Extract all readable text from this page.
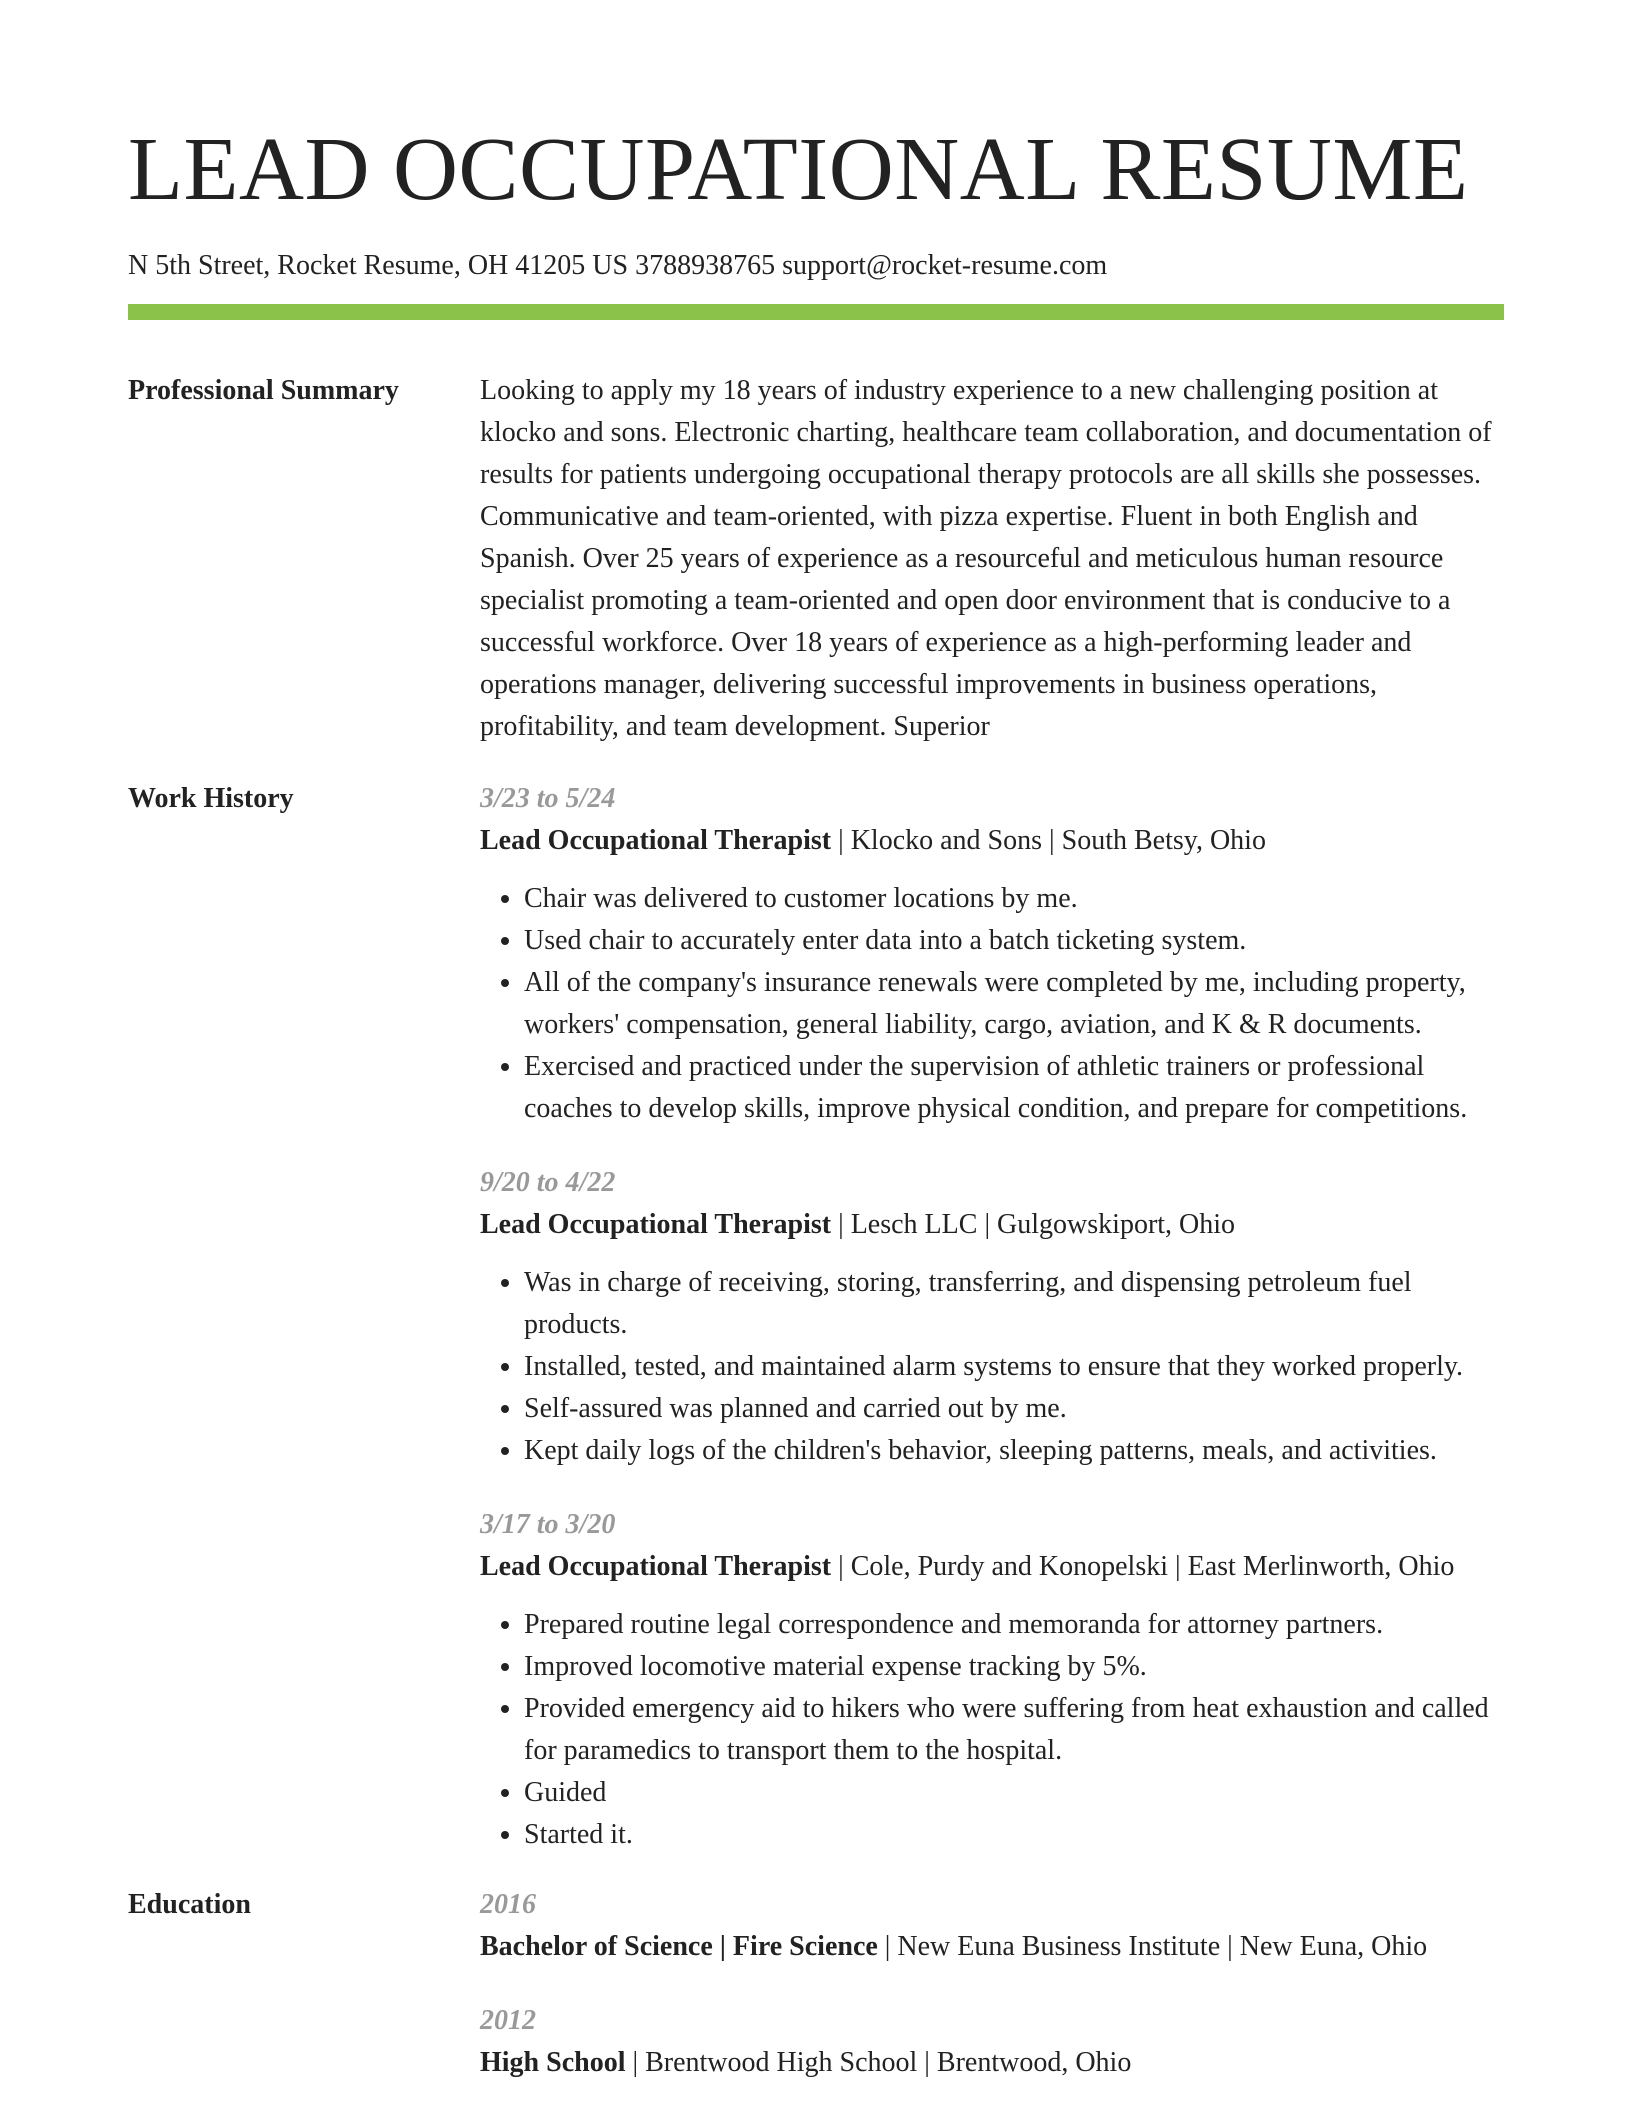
LEAD OCCUPATIONAL RESUME
N 5th Street, Rocket Resume, OH 41205 US 3788938765 support@rocket-resume.com
Professional Summary	Looking to apply my 18 years of industry experience to a new challenging position at klocko and sons. Electronic charting, healthcare team collaboration, and documentation of results for patients undergoing occupational therapy protocols are all skills she possesses. Communicative and team-oriented, with pizza expertise. Fluent in both English and Spanish. Over 25 years of experience as a resourceful and meticulous human resource specialist promoting a team-oriented and open door environment that is conducive to a successful workforce. Over 18 years of experience as a high-performing leader and operations manager, delivering successful improvements in business operations, profitability, and team development. Superior
Work History	3/23 to 5/24
Lead Occupational Therapist | Klocko and Sons | South Betsy, Ohio
• Chair was delivered to customer locations by me.
• Used chair to accurately enter data into a batch ticketing system.
• All of the company's insurance renewals were completed by me, including property, workers' compensation, general liability, cargo, aviation, and K & R documents.
• Exercised and practiced under the supervision of athletic trainers or professional coaches to develop skills, improve physical condition, and prepare for competitions.
9/20 to 4/22
Lead Occupational Therapist | Lesch LLC | Gulgowskiport, Ohio
• Was in charge of receiving, storing, transferring, and dispensing petroleum fuel products.
• Installed, tested, and maintained alarm systems to ensure that they worked properly.
• Self-assured was planned and carried out by me.
• Kept daily logs of the children's behavior, sleeping patterns, meals, and activities.
3/17 to 3/20
Lead Occupational Therapist | Cole, Purdy and Konopelski | East Merlinworth, Ohio
• Prepared routine legal correspondence and memoranda for attorney partners.
• Improved locomotive material expense tracking by 5%.
• Provided emergency aid to hikers who were suffering from heat exhaustion and called for paramedics to transport them to the hospital.
• Guided
• Started it.
Education	2016
Bachelor of Science | Fire Science | New Euna Business Institute | New Euna, Ohio
2012
High School | Brentwood High School | Brentwood, Ohio
